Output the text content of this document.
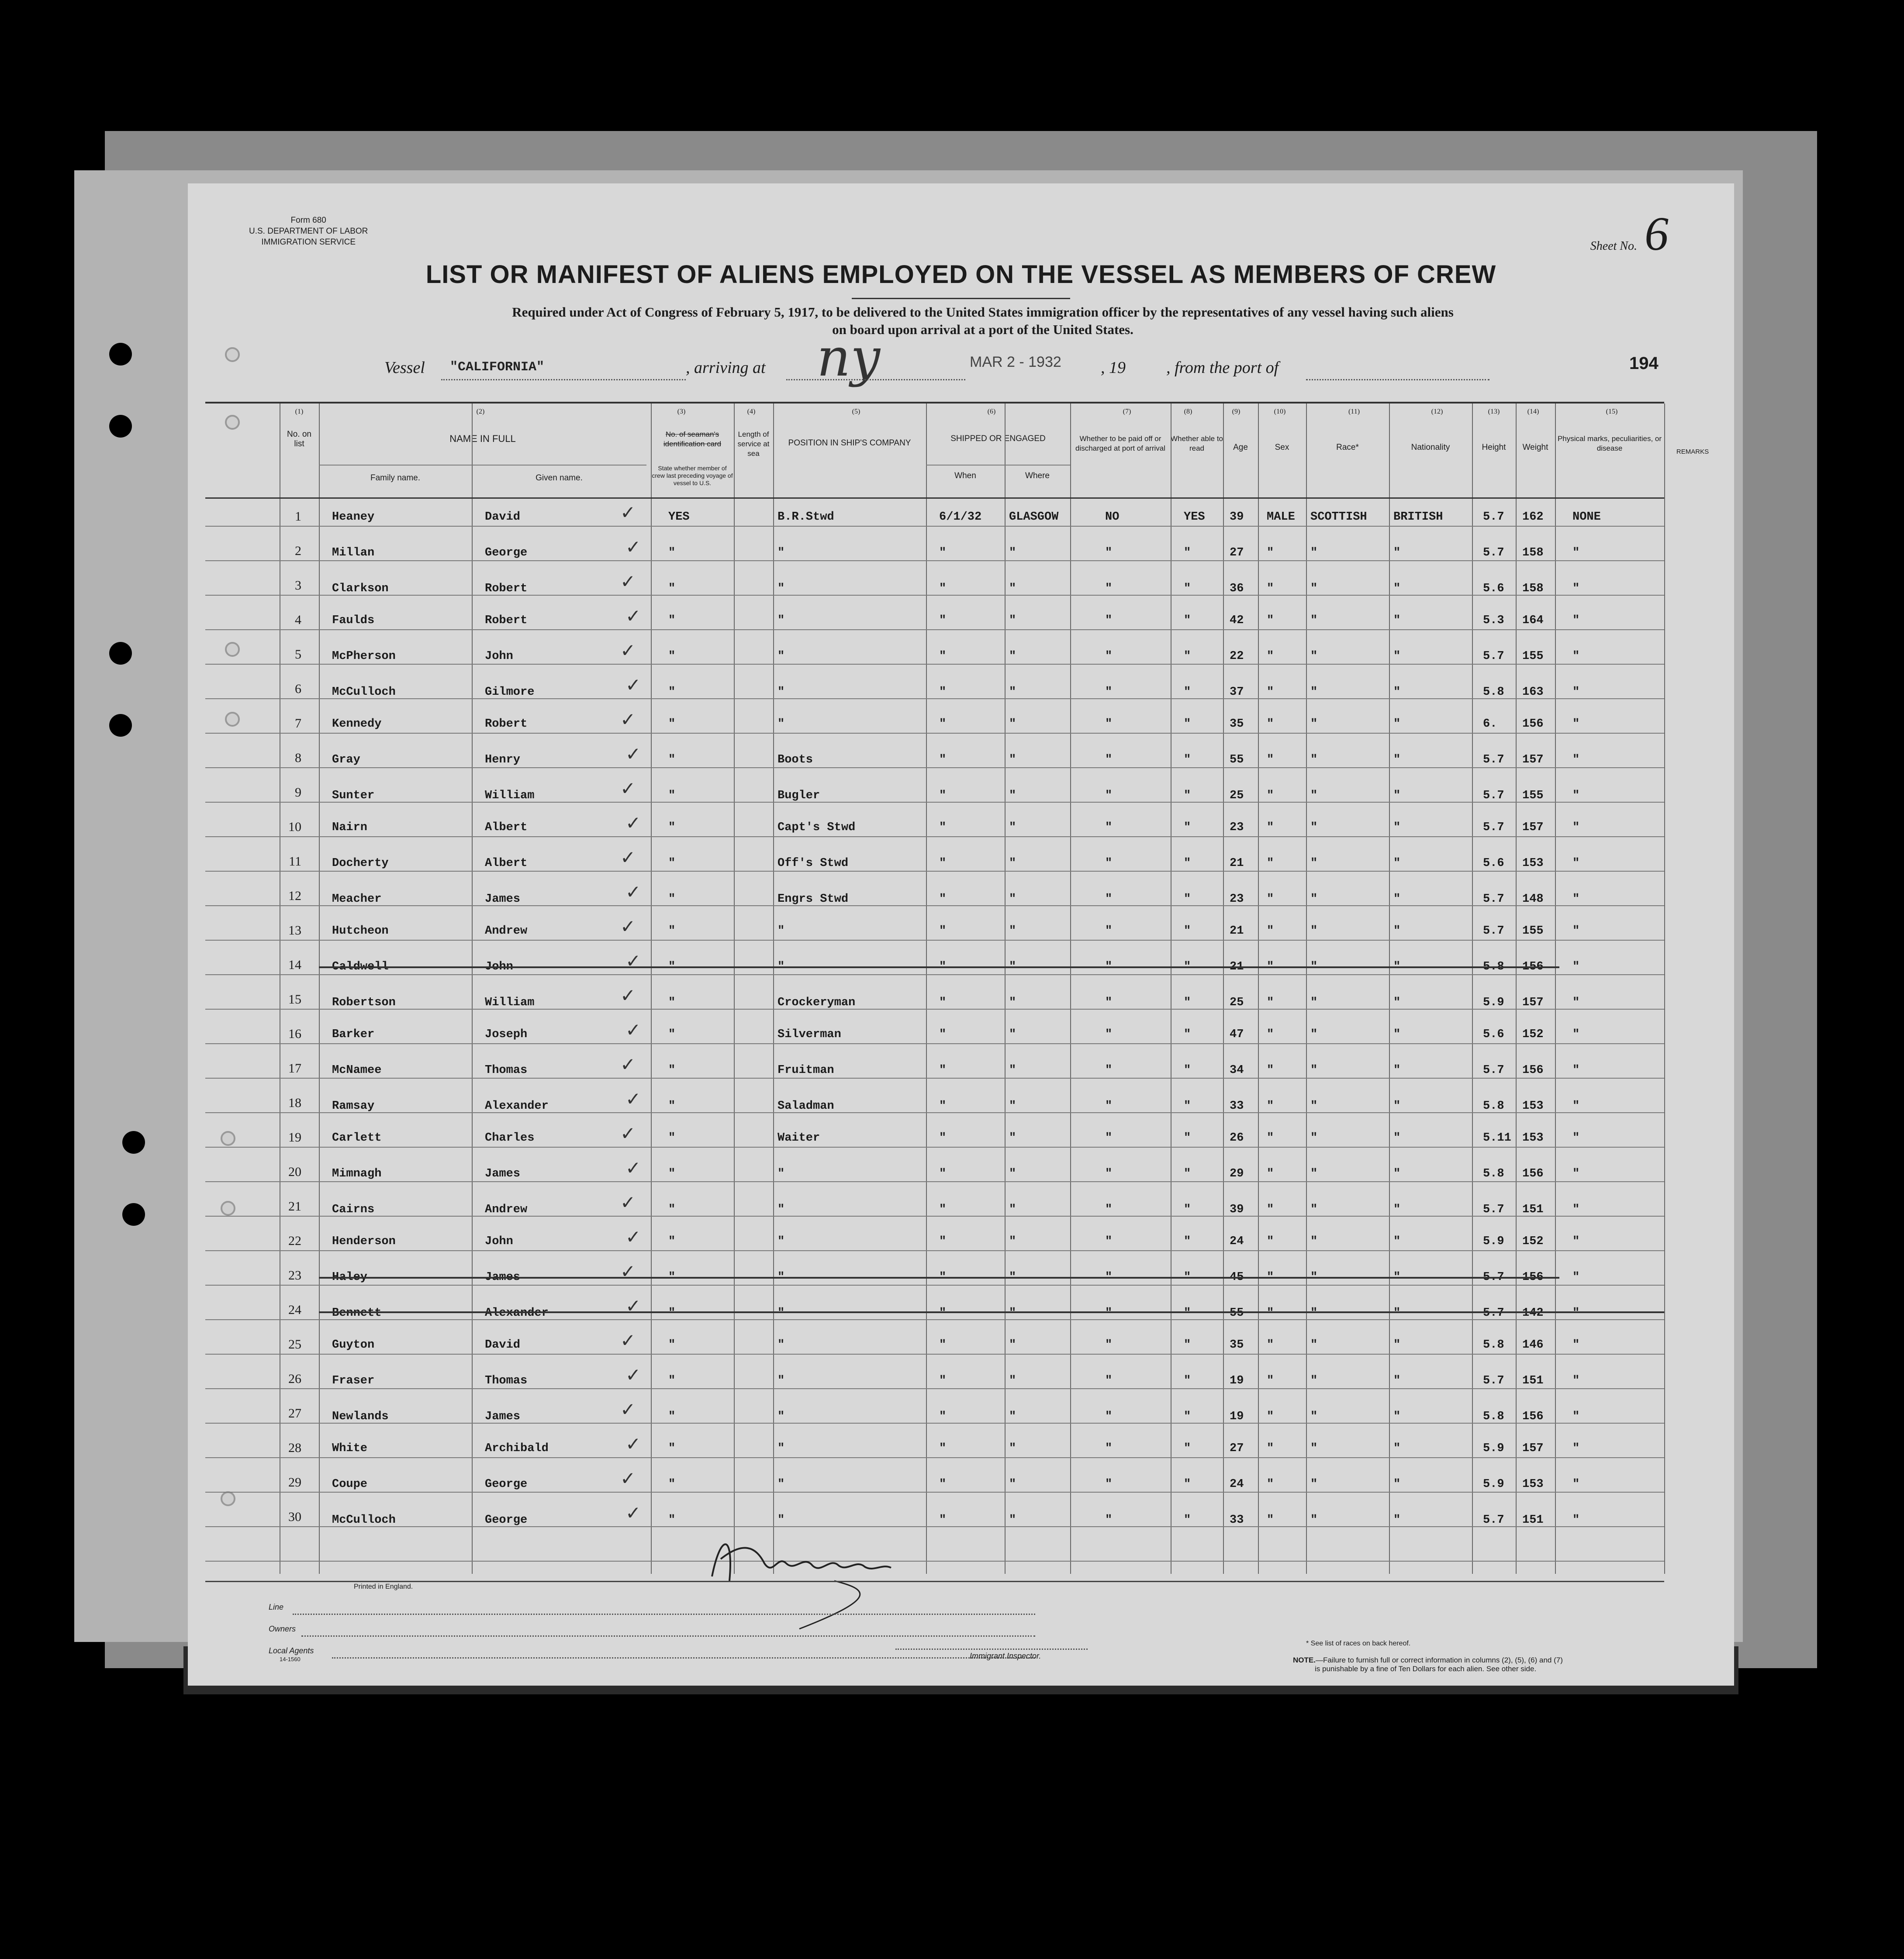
Form 680
U.S. DEPARTMENT OF LABOR
IMMIGRATION SERVICE	Sheet No. 6
LIST OR MANIFEST OF ALIENS EMPLOYED ON THE VESSEL AS MEMBERS OF CREW
Required under Act of Congress of February 5, 1917, to be delivered to the United States immigration officer by the representatives of any vessel having such aliens
on board upon arrival at a port of the United States.
Vessel "CALIFORNIA"	, arriving at ny	MAR 2 - 1932 , 19 , from the port of	194
(1)	(2)	(3)	(4)	(5)	(6)	(7)	(8)	(9)	(10)	(11)	(12)	(13)	(14)	(15)
No. on list	NAME IN FULL
Family name.	Given name.
No. of seaman's identification card
State whether member of crew last preceding voyage of vessel to U.S.
Length of service at sea
POSITION IN SHIP'S COMPANY	SHIPPED OR ENGAGED
When	Where
Whether to be paid off or discharged at port of arrival
Whether able to read	Age	Sex	Race*	Nationality	Height	Weight
Physical marks, peculiarities, or disease	REMARKS
1	Heaney	David	YES	B.R.Stwd	6/1/32 GLASGOW	NO	YES 39 MALE SCOTTISH BRITISH	5.7 162 NONE
✓
2	Millan	George	"	"	"	"	"	"	27 "	"	"	5.7 158 "
✓
3	Clarkson	Robert	"	"	"	"	"	"	36 "	"	"	5.6 158 "
✓
4	Faulds	Robert	"	"	"	"	"	"	42 "	"	"	5.3 164 "
✓
5	McPherson	John	"	"	"	"	"	"	22 "	"	"	5.7 155 "
✓
6	McCulloch	Gilmore	"	"	"	"	"	"	37 "	"	"	5.8 163 "
✓
7	Kennedy	Robert	"	"	"	"	"	"	35 "	"	"	6. 156 "
✓
8	Gray	Henry	"	Boots	"	"	"	"	55 "	"	"	5.7 157 "
✓
9	Sunter	William	"	Bugler	"	"	"	"	25 "	"	"	5.7 155 "
✓
10	Nairn	Albert	"	Capt's Stwd	"	"	"	"	23 "	"	"	5.7 157 "
✓
11	Docherty	Albert	"	Off's Stwd	"	"	"	"	21 "	"	"	5.6 153 "
✓
12	Meacher	James	"	Engrs Stwd	"	"	"	"	23 "	"	"	5.7 148 "
✓
13	Hutcheon	Andrew	"	"	"	"	"	"	21 "	"	"	5.7 155 "
✓
14	Caldwell	John	"	"	"	"	"	"	21 "	"	"	5.8 156 "
✓
15	Robertson	William	"	Crockeryman	"	"	"	"	25 "	"	"	5.9 157 "
✓
16	Barker	Joseph	"	Silverman	"	"	"	"	47 "	"	"	5.6 152 "
✓
17	McNamee	Thomas	"	Fruitman	"	"	"	"	34 "	"	"	5.7 156 "
✓
18	Ramsay	Alexander	"	Saladman	"	"	"	"	33 "	"	"	5.8 153 "
✓
19	Carlett	Charles	"	Waiter	"	"	"	"	26 "	"	"	5.11 153 "
✓
20	Mimnagh	James	"	"	"	"	"	"	29 "	"	"	5.8 156 "
✓
21	Cairns	Andrew	"	"	"	"	"	"	39 "	"	"	5.7 151 "
✓
22	Henderson	John	"	"	"	"	"	"	24 "	"	"	5.9 152 "
✓
23	Haley	James	"	"	"	"	"	"	45 "	"	"	5.7 156 "
✓
24	Bennett	Alexander	"	"	"	"	"	"	55 "	"	"	5.7 142 "
✓
25	Guyton	David	"	"	"	"	"	"	35 "	"	"	5.8 146 "
✓
26	Fraser	Thomas	"	"	"	"	"	"	19 "	"	"	5.7 151 "
✓
27	Newlands	James	"	"	"	"	"	"	19 "	"	"	5.8 156 "
✓
28	White	Archibald	"	"	"	"	"	"	27 "	"	"	5.9 157 "
✓
29	Coupe	George	"	"	"	"	"	"	24 "	"	"	5.9 153 "
✓
30	McCulloch	George	"	"	"	"	"	"	33 "	"	"	5.7 151 "
✓
Printed in England.
Line
Owners
Local Agents
14-1560	Immigrant Inspector.
* See list of races on back hereof.
NOTE.—Failure to furnish full or correct information in columns (2), (5), (6) and (7)
is punishable by a fine of Ten Dollars for each alien. See other side.
